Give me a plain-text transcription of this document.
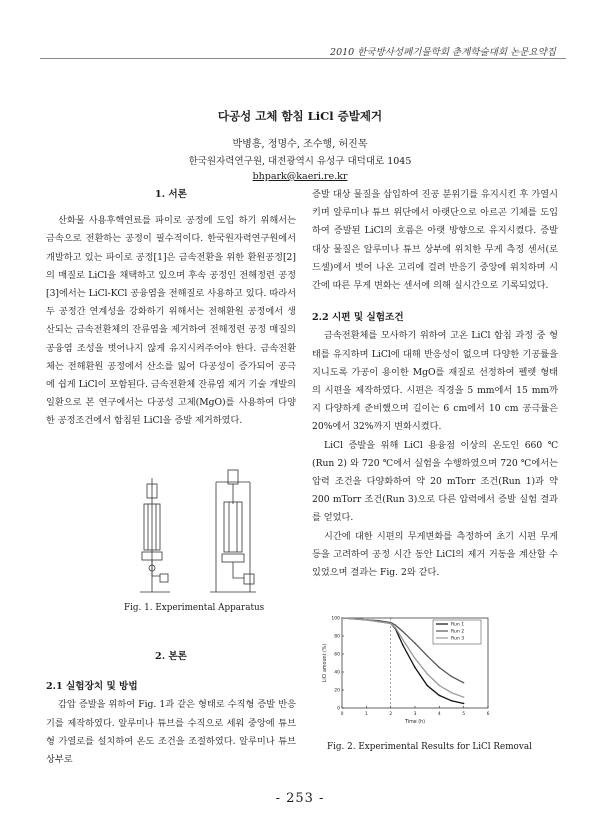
2010 한국방사성폐기물학회 춘계학술대회 논문요약집
다공성 고체 함침 LiCl 증발제거
박병흥, 정명수, 조수행, 허진목
한국원자력연구원, 대전광역시 유성구 대덕대로 1045
bhpark@kaeri.re.kr
1. 서론

산화물 사용후핵연료를 파이로 공정에 도입 하기 위해서는 금속으로 전환하는 공정이 필수적이다. 한국원자력연구원에서 개발하고 있는 파이로 공정[1]은 금속전환을 위한 환원공정[2]의 매질로 LiCl을 채택하고 있으며 후속 공정인 전해정련 공정[3]에서는 LiCl-KCl 공융염을 전해질로 사용하고 있다. 따라서 두 공정간 연계성을 강화하기 위해서는 전해환원 공정에서 생산되는 금속전환체의 잔류염을 제거하여 전해정련 공정 매질의 공융염 조성을 벗어나지 않게 유지시켜주어야 한다. 금속전환체는 전해환원 공정에서 산소를 잃어 다공성이 증가되어 공극에 쉽게 LiCl이 포함된다. 금속전환체 잔류염 제거 기술 개발의 일환으로 본 연구에서는 다공성 고체(MgO)를 사용하여 다양한 공정조건에서 함침된 LiCl을 증발 제거하였다.

Fig. 1. Experimental Apparatus
2. 본론
2.1 실험장치 및 방법

감압 증발을 위하여 Fig. 1과 같은 형태로 수직형 증발 반응기를 제작하였다. 알루미나 튜브를 수직으로 세워 중앙에 튜브형 가열로를 설치하여 온도 조건을 조절하였다. 알루미나 튜브 상부로

증발 대상 물질을 삽입하여 진공 분위기를 유지시킨 후 가열시키며 알루미나 튜브 위단에서 아랫단으로 아르곤 기체를 도입하여 증발된 LiCl의 흐름은 아랫 방향으로 유지시켰다. 증발 대상 물질은 알루미나 튜브 상부에 위치한 무게 측정 센서(로드셀)에서 벗어 나온 고리에 걸려 반응기 중앙에 위치하며 시간에 따른 무게 변화는 센서에 의해 실시간으로 기록되었다.

2.2 시편 및 실험조건

금속전환체를 모사하기 위하여 고온 LiCl 함침 과정 중 형태를 유지하며 LiCl에 대해 반응성이 없으며 다양한 기공률을 지니도록 가공이 용이한 MgO를 재질로 선정하여 펠렛 형태의 시편을 제작하였다. 시편은 직경을 5 mm에서 15 mm까지 다양하게 준비했으며 길이는 6 cm에서 10 cm 공극률은 20%에서 32%까지 변화시켰다.

LiCl 증발을 위해 LiCl 용융점 이상의 온도인 660 ℃ (Run 2) 와 720 ℃에서 실험을 수행하였으며 720 ℃에서는 압력 조건을 다양화하여 약 20 mTorr 조건(Run 1)과 약 200 mTorr 조건(Run 3)으로 다른 압력에서 증발 실험 결과를 얻었다.

시간에 대한 시편의 무게변화를 측정하여 초기 시편 무게 등을 고려하여 공정 시간 동안 LiCl의 제거 거동을 계산할 수 있었으며 결과는 Fig. 2와 같다.

0	1	2	3	4	5	6
0
20
40
60
80
100
Time (h)
LiCl amount (%)
Run 1
Run 2
Run 3
Fig. 2. Experimental Results for LiCl Removal
- 253 -
